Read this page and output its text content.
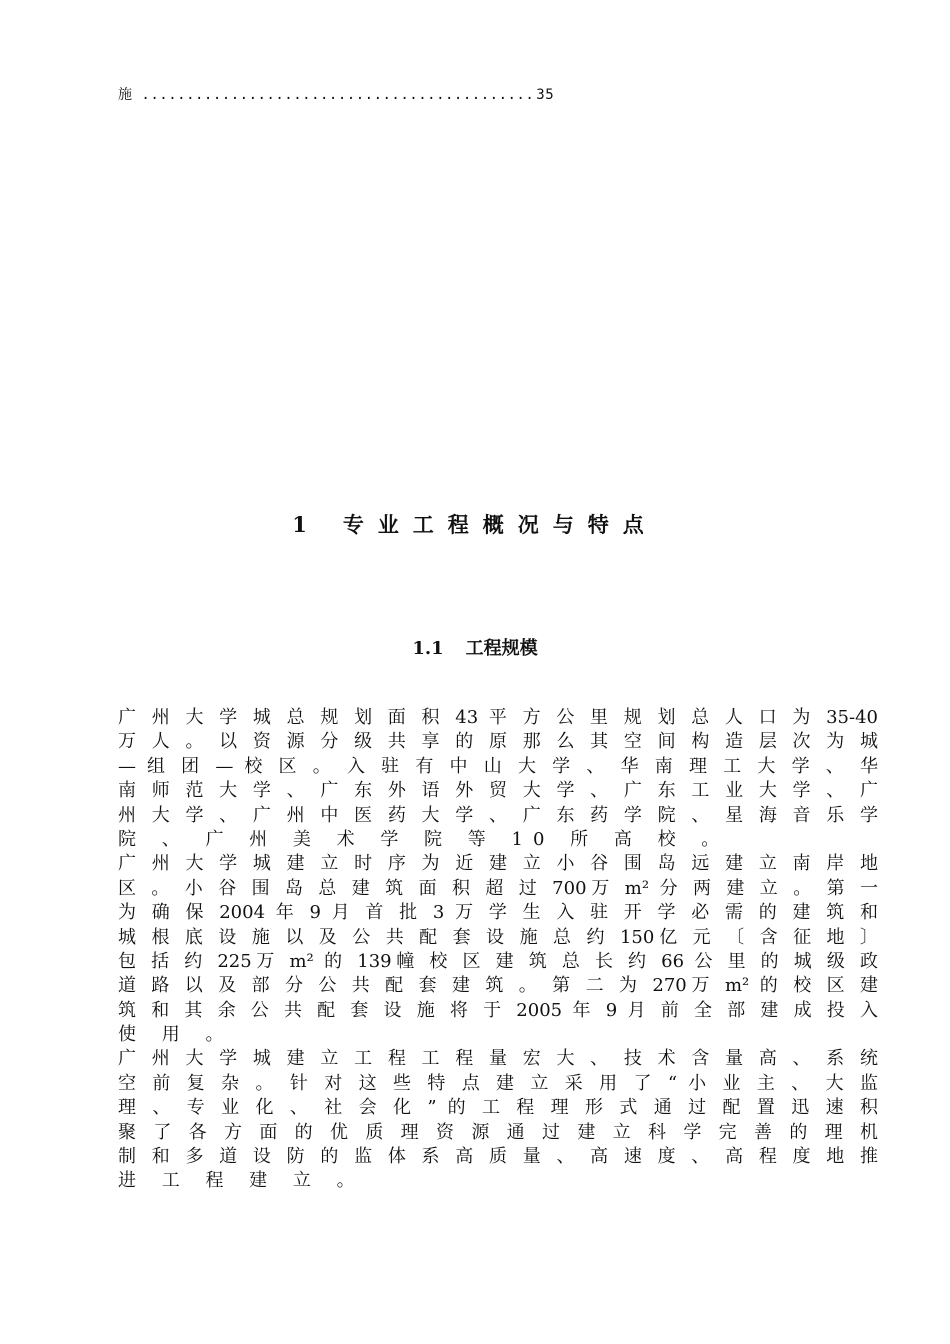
施 ............................................ 35
1 专业工程概况与特点
1.1 工程规模
广 州 大 学 城 总 规 划 面 积 43 平 方 公 里 规 划 总 人 口 为 35-40
万 人 。 以 资 源 分 级 共 享 的 原 那 么 其 空 间 构 造 层 次 为 城
— 组 团 — 校 区 。 入 驻 有 中 山 大 学 、 华 南 理 工 大 学 、 华
南 师 范 大 学 、 广 东 外 语 外 贸 大 学 、 广 东 工 业 大 学 、 广
州 大 学 、 广 州 中 医 药 大 学 、 广 东 药 学 院 、 星 海 音 乐 学
院 、 广 州 美 术 学 院 等 10 所 高 校 。
广 州 大 学 城 建 立 时 序 为 近 建 立 小 谷 围 岛 远 建 立 南 岸 地
区 。 小 谷 围 岛 总 建 筑 面 积 超 过 700万 m² 分 两 建 立 。 第 一
为 确 保 2004 年 9 月 首 批 3 万 学 生 入 驻 开 学 必 需 的 建 筑 和
城 根 底 设 施 以 及 公 共 配 套 设 施 总 约 150亿 元 〔 含 征 地 〕
包 括 约 225万 m² 的 139幢 校 区 建 筑 总 长 约 66 公 里 的 城 级 政
道 路 以 及 部 分 公 共 配 套 建 筑 。 第 二 为 270万 m² 的 校 区 建
筑 和 其 余 公 共 配 套 设 施 将 于 2005 年 9 月 前 全 部 建 成 投 入
使 用 。
广 州 大 学 城 建 立 工 程 工 程 量 宏 大 、 技 术 含 量 高 、 系 统
空 前 复 杂 。 针 对 这 些 特 点 建 立 采 用 了 “ 小 业 主 、 大 监
理 、 专 业 化 、 社 会 化 ” 的 工 程 理 形 式 通 过 配 置 迅 速 积
聚 了 各 方 面 的 优 质 理 资 源 通 过 建 立 科 学 完 善 的 理 机
制 和 多 道 设 防 的 监 体 系 高 质 量 、 高 速 度 、 高 程 度 地 推
进 工 程 建 立 。
